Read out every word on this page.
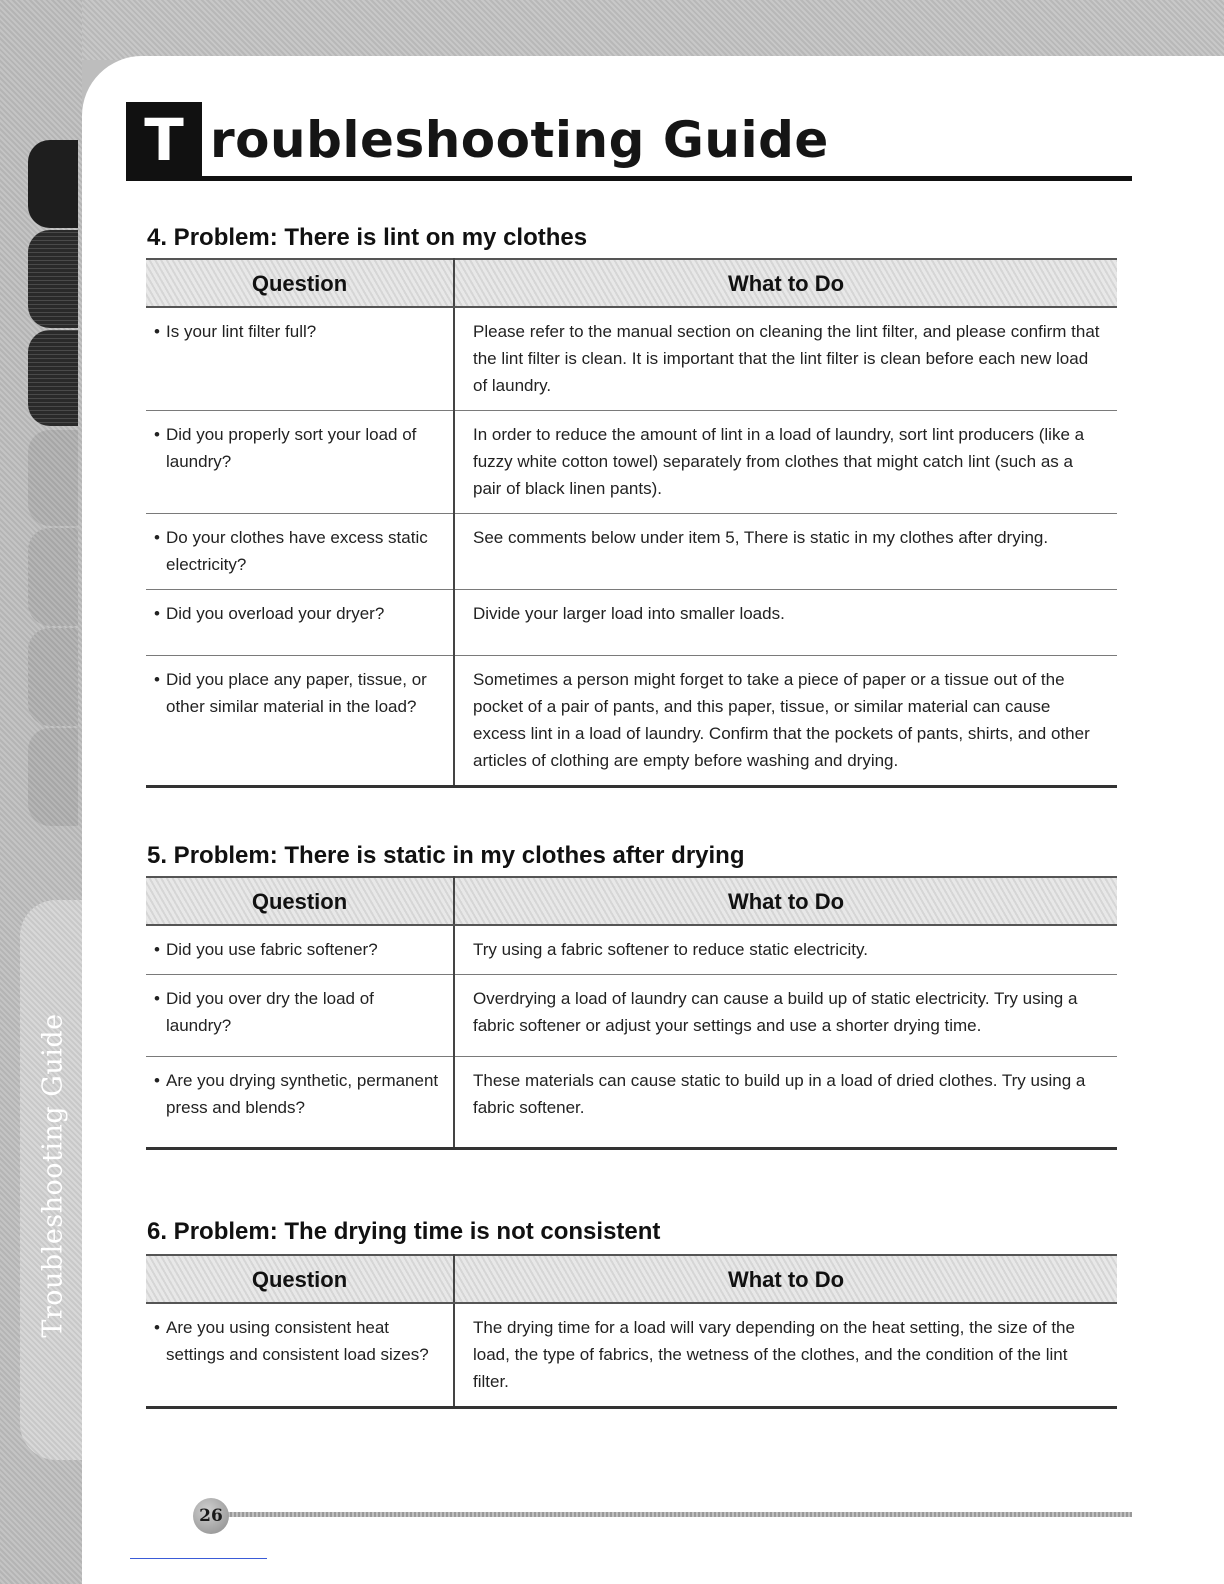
Troubleshooting Guide
T roubleshooting Guide
4. Problem: There is lint on my clothes
Question	What to Do
• Is your lint filter full?	Please refer to the manual section on cleaning the lint filter, and please confirm that the lint filter is clean. It is important that the lint filter is clean before each new load of laundry.
• Did you properly sort your load of laundry?	In order to reduce the amount of lint in a load of laundry, sort lint producers (like a fuzzy white cotton towel) separately from clothes that might catch lint (such as a pair of black linen pants).
• Do your clothes have excess static electricity?	See comments below under item 5, There is static in my clothes after drying.
• Did you overload your dryer?	Divide your larger load into smaller loads.
• Did you place any paper, tissue, or other similar material in the load?	Sometimes a person might forget to take a piece of paper or a tissue out of the pocket of a pair of pants, and this paper, tissue, or similar material can cause excess lint in a load of laundry. Confirm that the pockets of pants, shirts, and other articles of clothing are empty before washing and drying.
5. Problem: There is static in my clothes after drying
Question	What to Do
• Did you use fabric softener?	Try using a fabric softener to reduce static electricity.
• Did you over dry the load of laundry?	Overdrying a load of laundry can cause a build up of static electricity. Try using a fabric softener or adjust your settings and use a shorter drying time.
• Are you drying synthetic, permanent press and blends?	These materials can cause static to build up in a load of dried clothes. Try using a fabric softener.
6. Problem: The drying time is not consistent
Question	What to Do
• Are you using consistent heat settings and consistent load sizes?	The drying time for a load will vary depending on the heat setting, the size of the load, the type of fabrics, the wetness of the clothes, and the condition of the lint filter.
26
